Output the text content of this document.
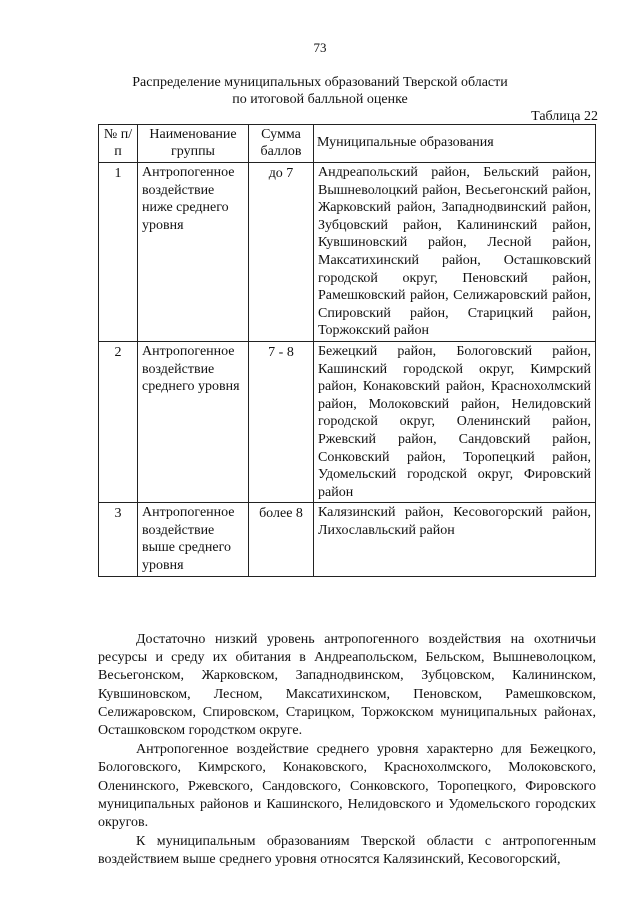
73
Распределение муниципальных образований Тверской области
по итоговой балльной оценке
Таблица 22
№ п/п	Наименование группы	Сумма баллов	Муниципальные образования
1	Антропогенное воздействие ниже среднего уровня	до 7	Андреапольский район, Бельский район, Вышневолоцкий район, Весьегонский район, Жарковский район, Западнодвинский район, Зубцовский район, Калининский район, Кувшиновский район, Лесной район, Максатихинский район, Осташковский городской округ, Пеновский район, Рамешковский район, Селижаровский район, Спировский район, Старицкий район, Торжокский район
2	Антропогенное воздействие среднего уровня	7 - 8	Бежецкий район, Бологовский район, Кашинский городской округ, Кимрский район, Конаковский район, Краснохолмский район, Молоковский район, Нелидовский городской округ, Оленинский район, Ржевский район, Сандовский район, Сонковский район, Торопецкий район, Удомельский городской округ, Фировский район
3	Антропогенное воздействие выше среднего уровня	более 8	Калязинский район, Кесовогорский район, Лихославльский район

Достаточно низкий уровень антропогенного воздействия на охотничьи ресурсы и среду их обитания в Андреапольском, Бельском, Вышневолоцком, Весьегонском, Жарковском, Западнодвинском, Зубцовском, Калининском, Кувшиновском, Лесном, Максатихинском, Пеновском, Рамешковском, Селижаровском, Спировском, Старицком, Торжокском муниципальных районах, Осташковском городстком округе.

Антропогенное воздействие среднего уровня характерно для Бежецкого, Бологовского, Кимрского, Конаковского, Краснохолмского, Молоковского, Оленинского, Ржевского, Сандовского, Сонковского, Торопецкого, Фировского муниципальных районов и Кашинского, Нелидовского и Удомельского городских округов.

К муниципальным образованиям Тверской области с антропогенным воздействием выше среднего уровня относятся Калязинский, Кесовогорский,
